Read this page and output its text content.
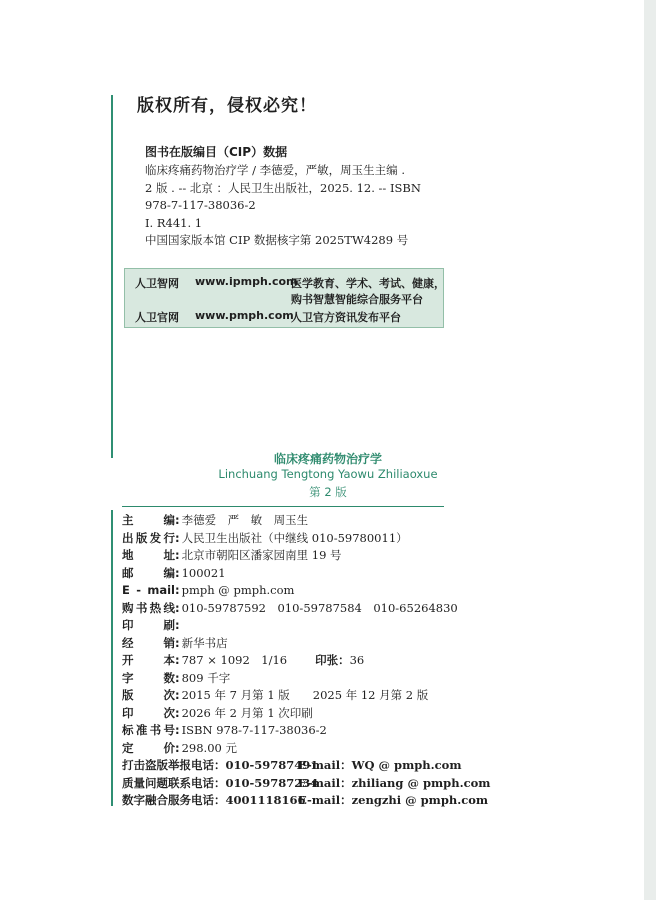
版权所有，侵权必究！
图书在版编目（CIP）数据
临床疼痛药物治疗学 / 李德爱，严敏，周玉生主编 .
2 版 . -- 北京 ：人民卫生出版社，2025. 12. -- ISBN
978-7-117-38036-2
Ⅰ. R441. 1
中国国家版本馆 CIP 数据核字第 2025TW4289 号
人卫智网 www.ipmph.com
医学教育、学术、考试、健康，
购书智慧智能综合服务平台
人卫官网 www.pmph.com
人卫官方资讯发布平台
临床疼痛药物治疗学
Linchuang Tengtong Yaowu Zhiliaoxue
第 2 版
主　　编 : 李德爱　严　敏　周玉生
出版发行 : 人民卫生出版社（中继线 010-59780011）
地　　址 : 北京市朝阳区潘家园南里 19 号
邮　　编 : 100021
E - mail : pmph @ pmph.com
购书热线 : 010-59787592　010-59787584　010-65264830
印　　刷 :
经　　销 : 新华书店
开　　本 : 787 × 1092　1/16 印张 ： 36
字　　数 : 809 千字
版　　次 : 2015 年 7 月第 1 版　　2025 年 12 月第 2 版
印　　次 : 2026 年 2 月第 1 次印刷
标准书号 : ISBN 978-7-117-38036-2
定　　价 : 298.00 元
打击盗版举报电话：010-59787491
E-mail：WQ @ pmph.com
质量问题联系电话：010-59787234
E-mail：zhiliang @ pmph.com
数字融合服务电话：4001118166
E-mail：zengzhi @ pmph.com
